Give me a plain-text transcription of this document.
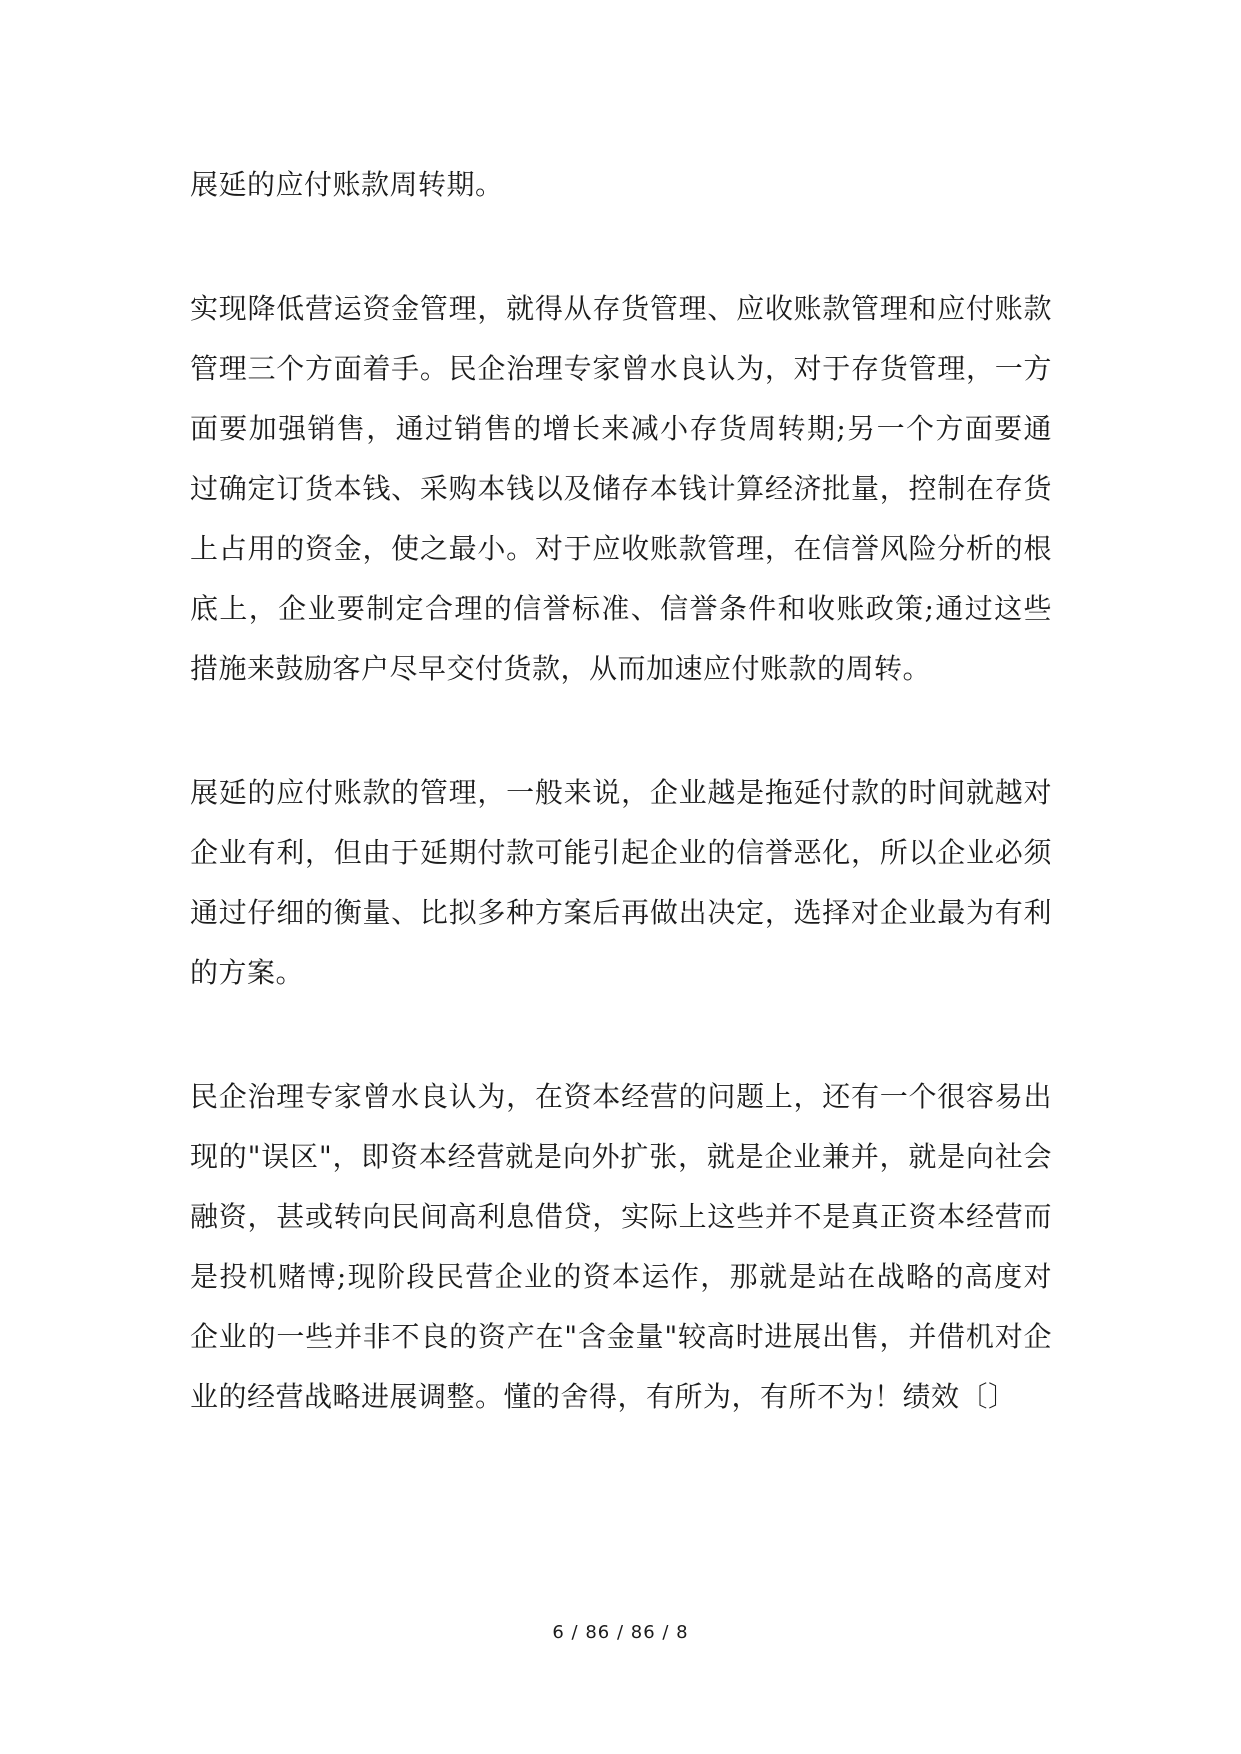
展延的应付账款周转期。

实现降低营运资金管理，就得从存货管理、应收账款管理和应付账款管理三个方面着手。民企治理专家曾水良认为，对于存货管理，一方面要加强销售，通过销售的增长来减小存货周转期;另一个方面要通过确定订货本钱、采购本钱以及储存本钱计算经济批量，控制在存货上占用的资金，使之最小。对于应收账款管理，在信誉风险分析的根底上，企业要制定合理的信誉标准、信誉条件和收账政策;通过这些措施来鼓励客户尽早交付货款，从而加速应付账款的周转。

展延的应付账款的管理，一般来说，企业越是拖延付款的时间就越对企业有利，但由于延期付款可能引起企业的信誉恶化，所以企业必须通过仔细的衡量、比拟多种方案后再做出决定，选择对企业最为有利的方案。

民企治理专家曾水良认为，在资本经营的问题上，还有一个很容易出现的"误区"，即资本经营就是向外扩张，就是企业兼并，就是向社会融资，甚或转向民间高利息借贷，实际上这些并不是真正资本经营而是投机赌博;现阶段民营企业的资本运作，那就是站在战略的高度对企业的一些并非不良的资产在"含金量"较高时进展出售，并借机对企业的经营战略进展调整。懂的舍得，有所为，有所不为！绩效〔〕

6 / 86 / 86 / 8
